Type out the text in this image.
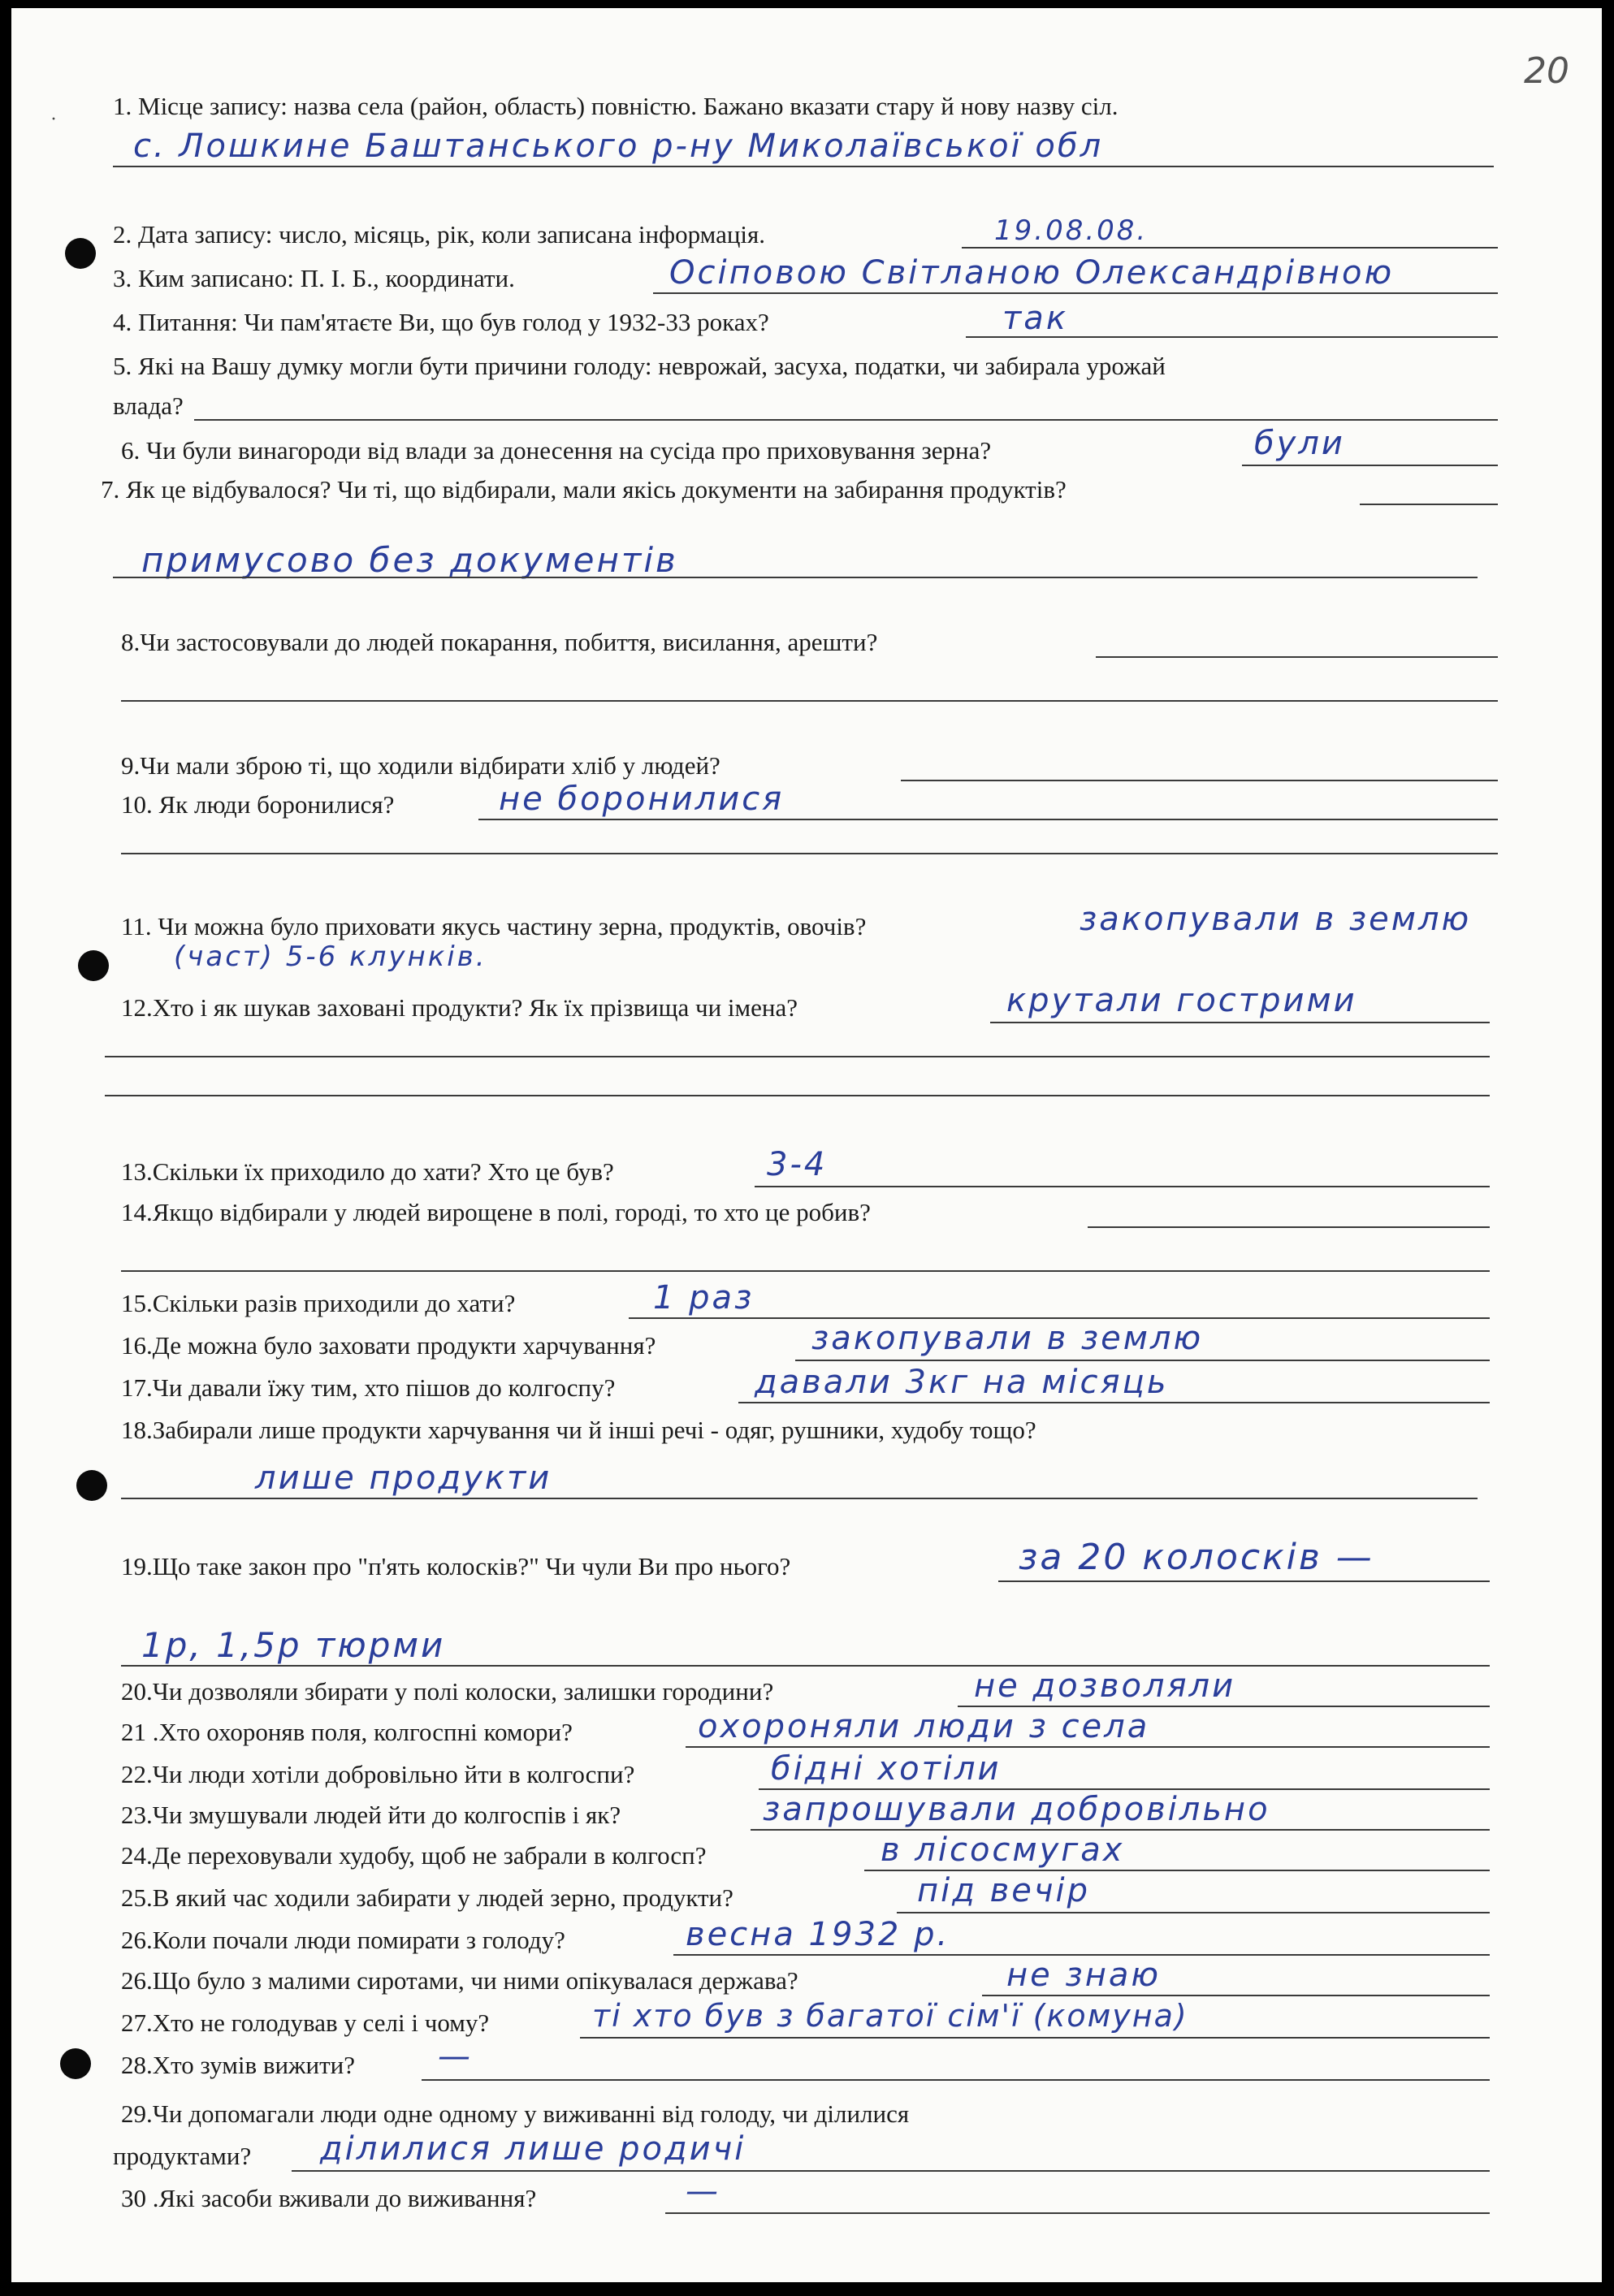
20
· 1. Місце запису: назва села (район, область) повністю. Бажано вказати стару й нову назву сіл.
с. Лошкине Баштанського р-ну Миколаївської обл
2. Дата запису: число, місяць, рік, коли записана інформація.	19.08.08.
3. Ким записано: П. І. Б., координати.	Осіповою Світланою Олександрівною
4. Питання: Чи пам'ятаєте Ви, що був голод у 1932-33 роках?	так
5. Які на Вашу думку могли бути причини голоду: неврожай, засуха, податки, чи забирала урожай
влада?
6. Чи були винагороди від влади за донесення на сусіда про приховування зерна?	були
7. Як це відбувалося? Чи ті, що відбирали, мали якісь документи на забирання продуктів?
примусово без документів
8.Чи застосовували до людей покарання, побиття, висилання, арешти?
9.Чи мали зброю ті, що ходили відбирати хліб у людей?
10. Як люди боронилися?	не боронилися
11. Чи можна було приховати якусь частину зерна, продуктів, овочів?	закопували в землю
(част) 5-6 клунків.
12.Хто і як шукав заховані продукти? Як їх прізвища чи імена?	крутали гострими
13.Скільки їх приходило до хати? Хто це був?	3-4
14.Якщо відбирали у людей вирощене в полі, городі, то хто це робив?
15.Скільки разів приходили до хати?	1 раз
16.Де можна було заховати продукти харчування?	закопували в землю
17.Чи давали їжу тим, хто пішов до колгоспу?	давали 3кг на місяць
18.Забирали лише продукти харчування чи й інші речі - одяг, рушники, худобу тощо?
лише продукти
19.Що таке закон про "п'ять колосків?" Чи чули Ви про нього?	за 20 колосків —
1р, 1,5р тюрми
20.Чи дозволяли збирати у полі колоски, залишки городини?	не дозволяли
21 .Хто охороняв поля, колгоспні комори?	охороняли люди з села
22.Чи люди хотіли добровільно йти в колгоспи?	бідні хотіли
23.Чи змушували людей йти до колгоспів і як?	запрошували добровільно
24.Де переховували худобу, щоб не забрали в колгосп?	в лісосмугах
25.В який час ходили забирати у людей зерно, продукти?	під вечір
26.Коли почали люди помирати з голоду?	весна 1932 р.
26.Що було з малими сиротами, чи ними опікувалася держава?	не знаю
27.Хто не голодував у селі і чому?	ті хто був з багатої сім'ї (комуна)
28.Хто зумів вижити?	—
29.Чи допомагали люди одне одному у виживанні від голоду, чи ділилися
продуктами? ділилися лише родичі
30 .Які засоби вживали до виживання?	—
